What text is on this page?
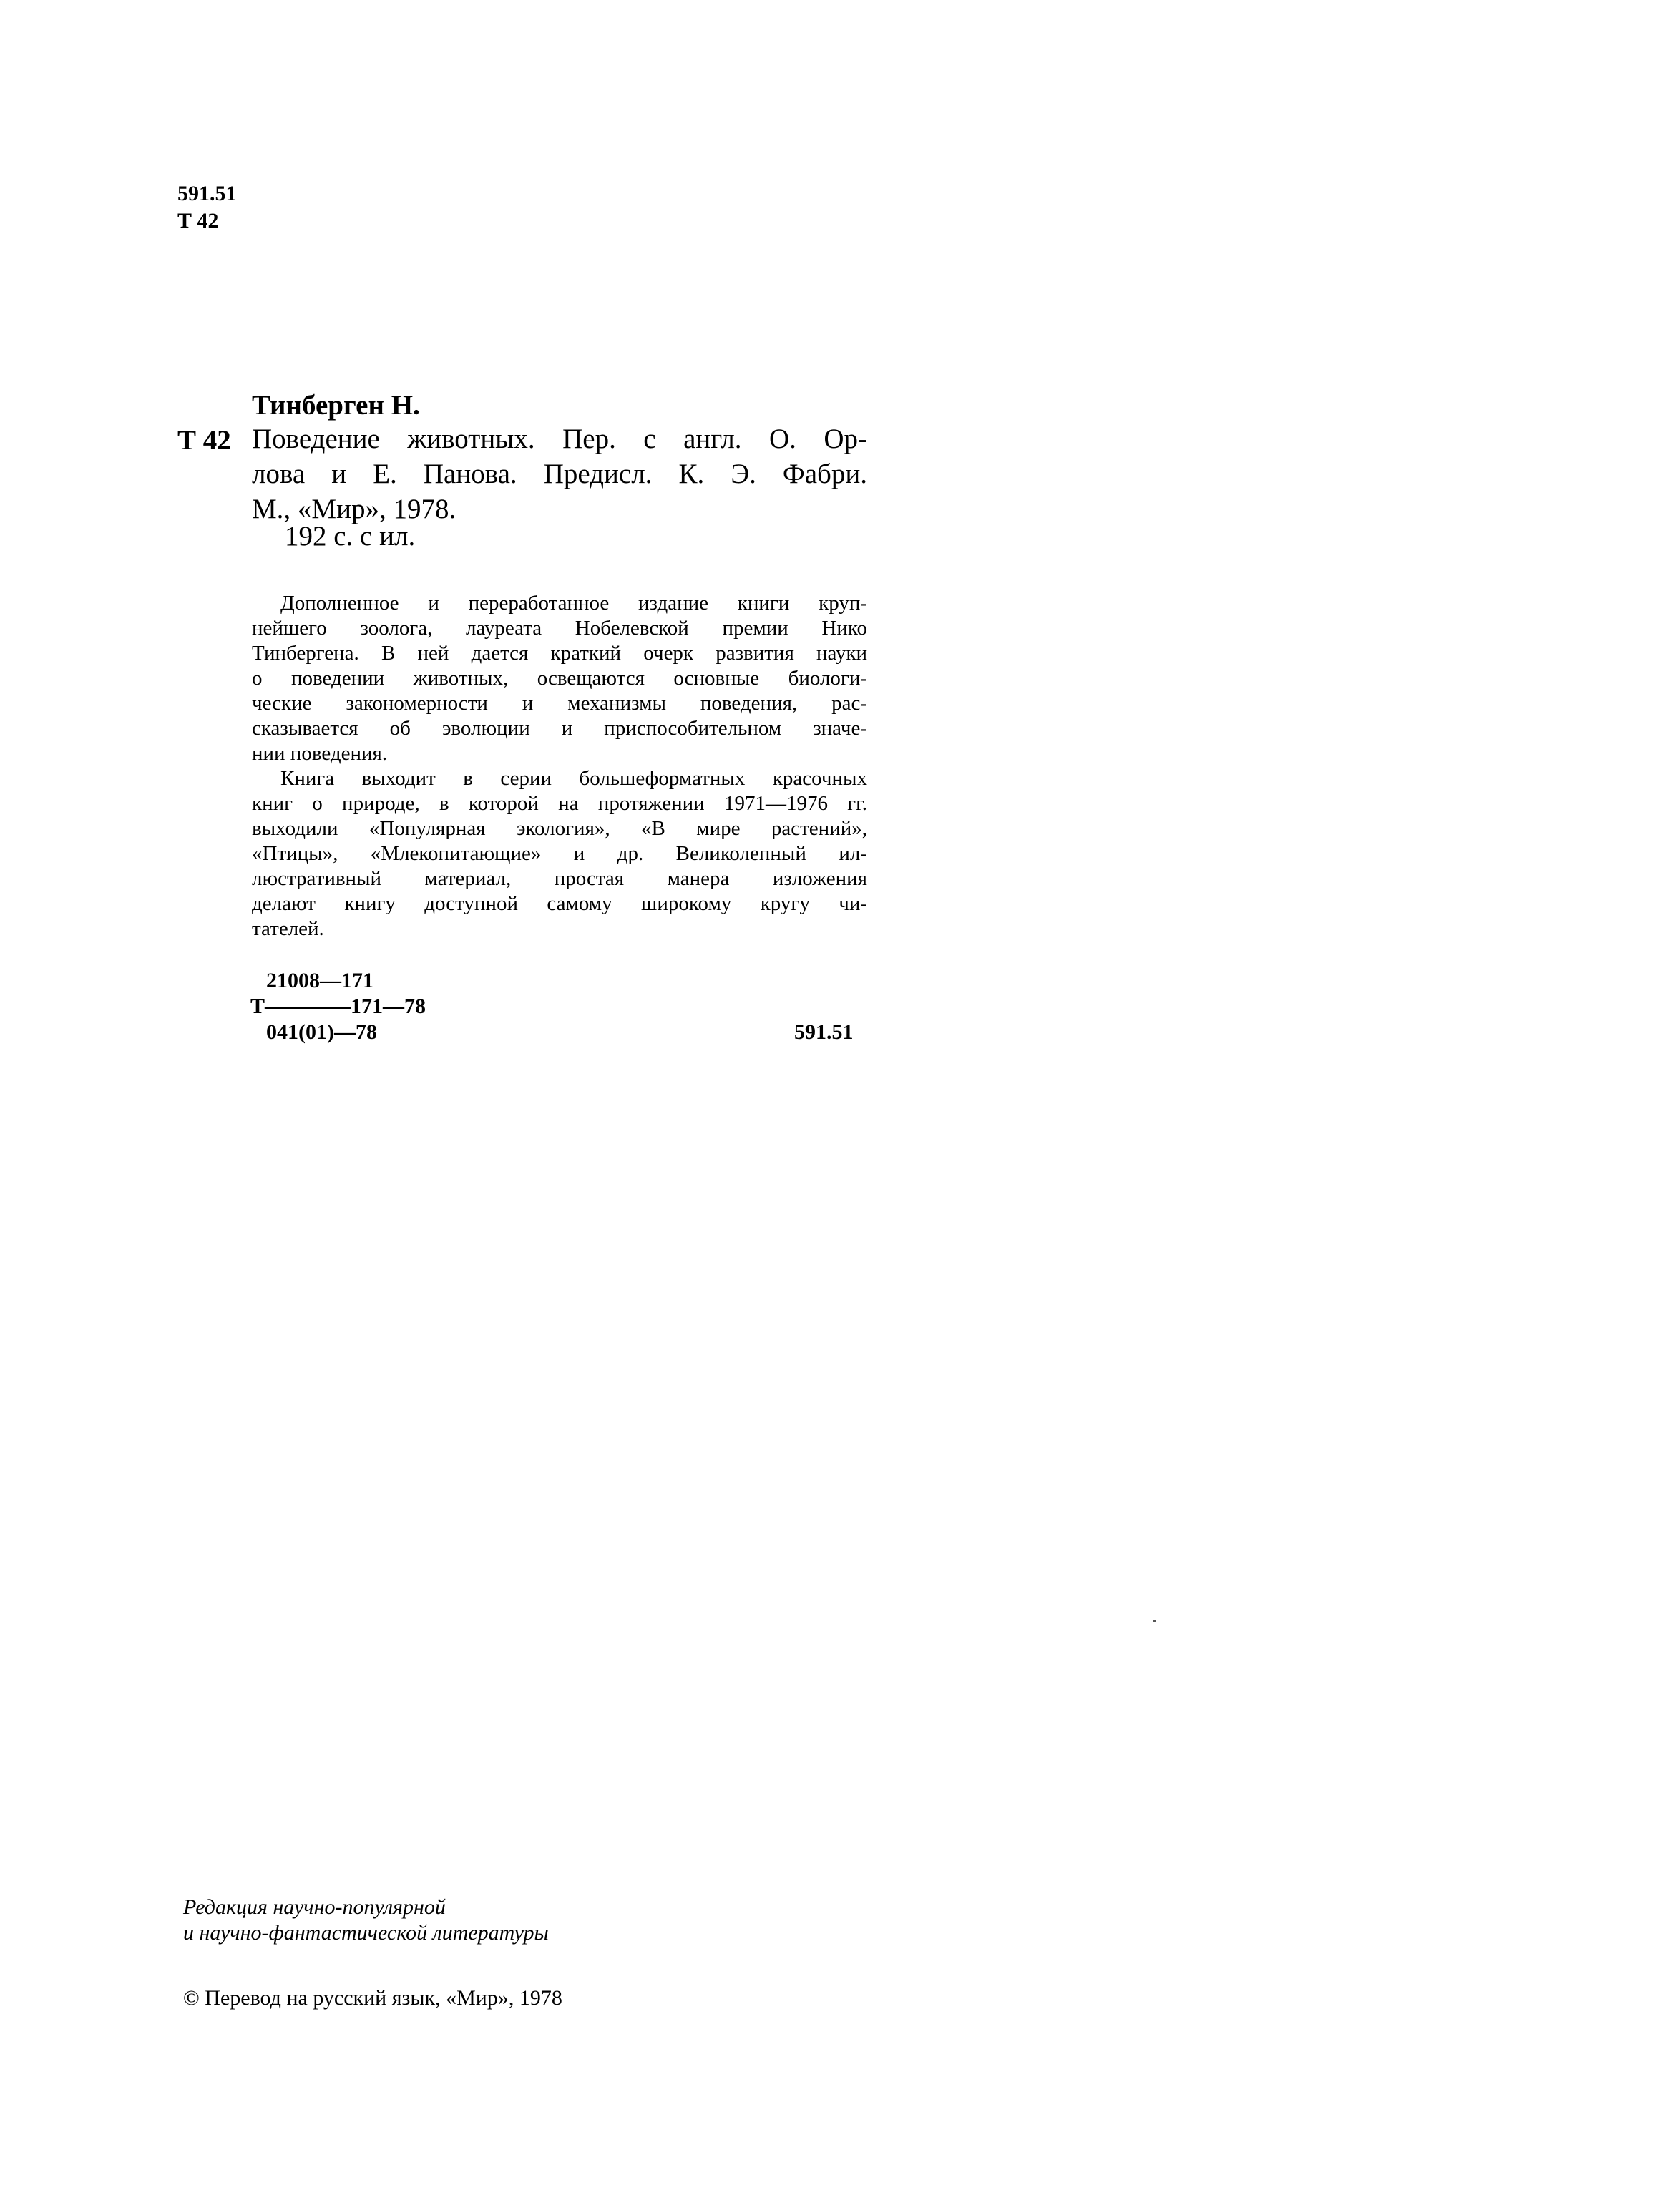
591.51
Т 42
Тинберген Н.
Т 42 Поведение животных. Пер. с англ. О. Ор-
лова и Е. Панова. Предисл. К. Э. Фабри.
М., «Мир», 1978.
192 с. с ил.
Дополненное и переработанное издание книги круп-
нейшего зоолога, лауреата Нобелевской премии Нико
Тинбергена. В ней дается краткий очерк развития науки
о поведении животных, освещаются основные биологи-
ческие закономерности и механизмы поведения, рас-
сказывается об эволюции и приспособительном значе-
нии поведения.
Книга выходит в серии большеформатных красочных
книг о природе, в которой на протяжении 1971—1976 гг.
выходили «Популярная экология», «В мире растений»,
«Птицы», «Млекопитающие» и др. Великолепный ил-
люстративный материал, простая манера изложения
делают книгу доступной самому широкому кругу чи-
тателей.
21008—171
Т————171—78
041(01)—78	591.51
Редакция научно-популярной
и научно-фантастической литературы
© Перевод на русский язык, «Мир», 1978
